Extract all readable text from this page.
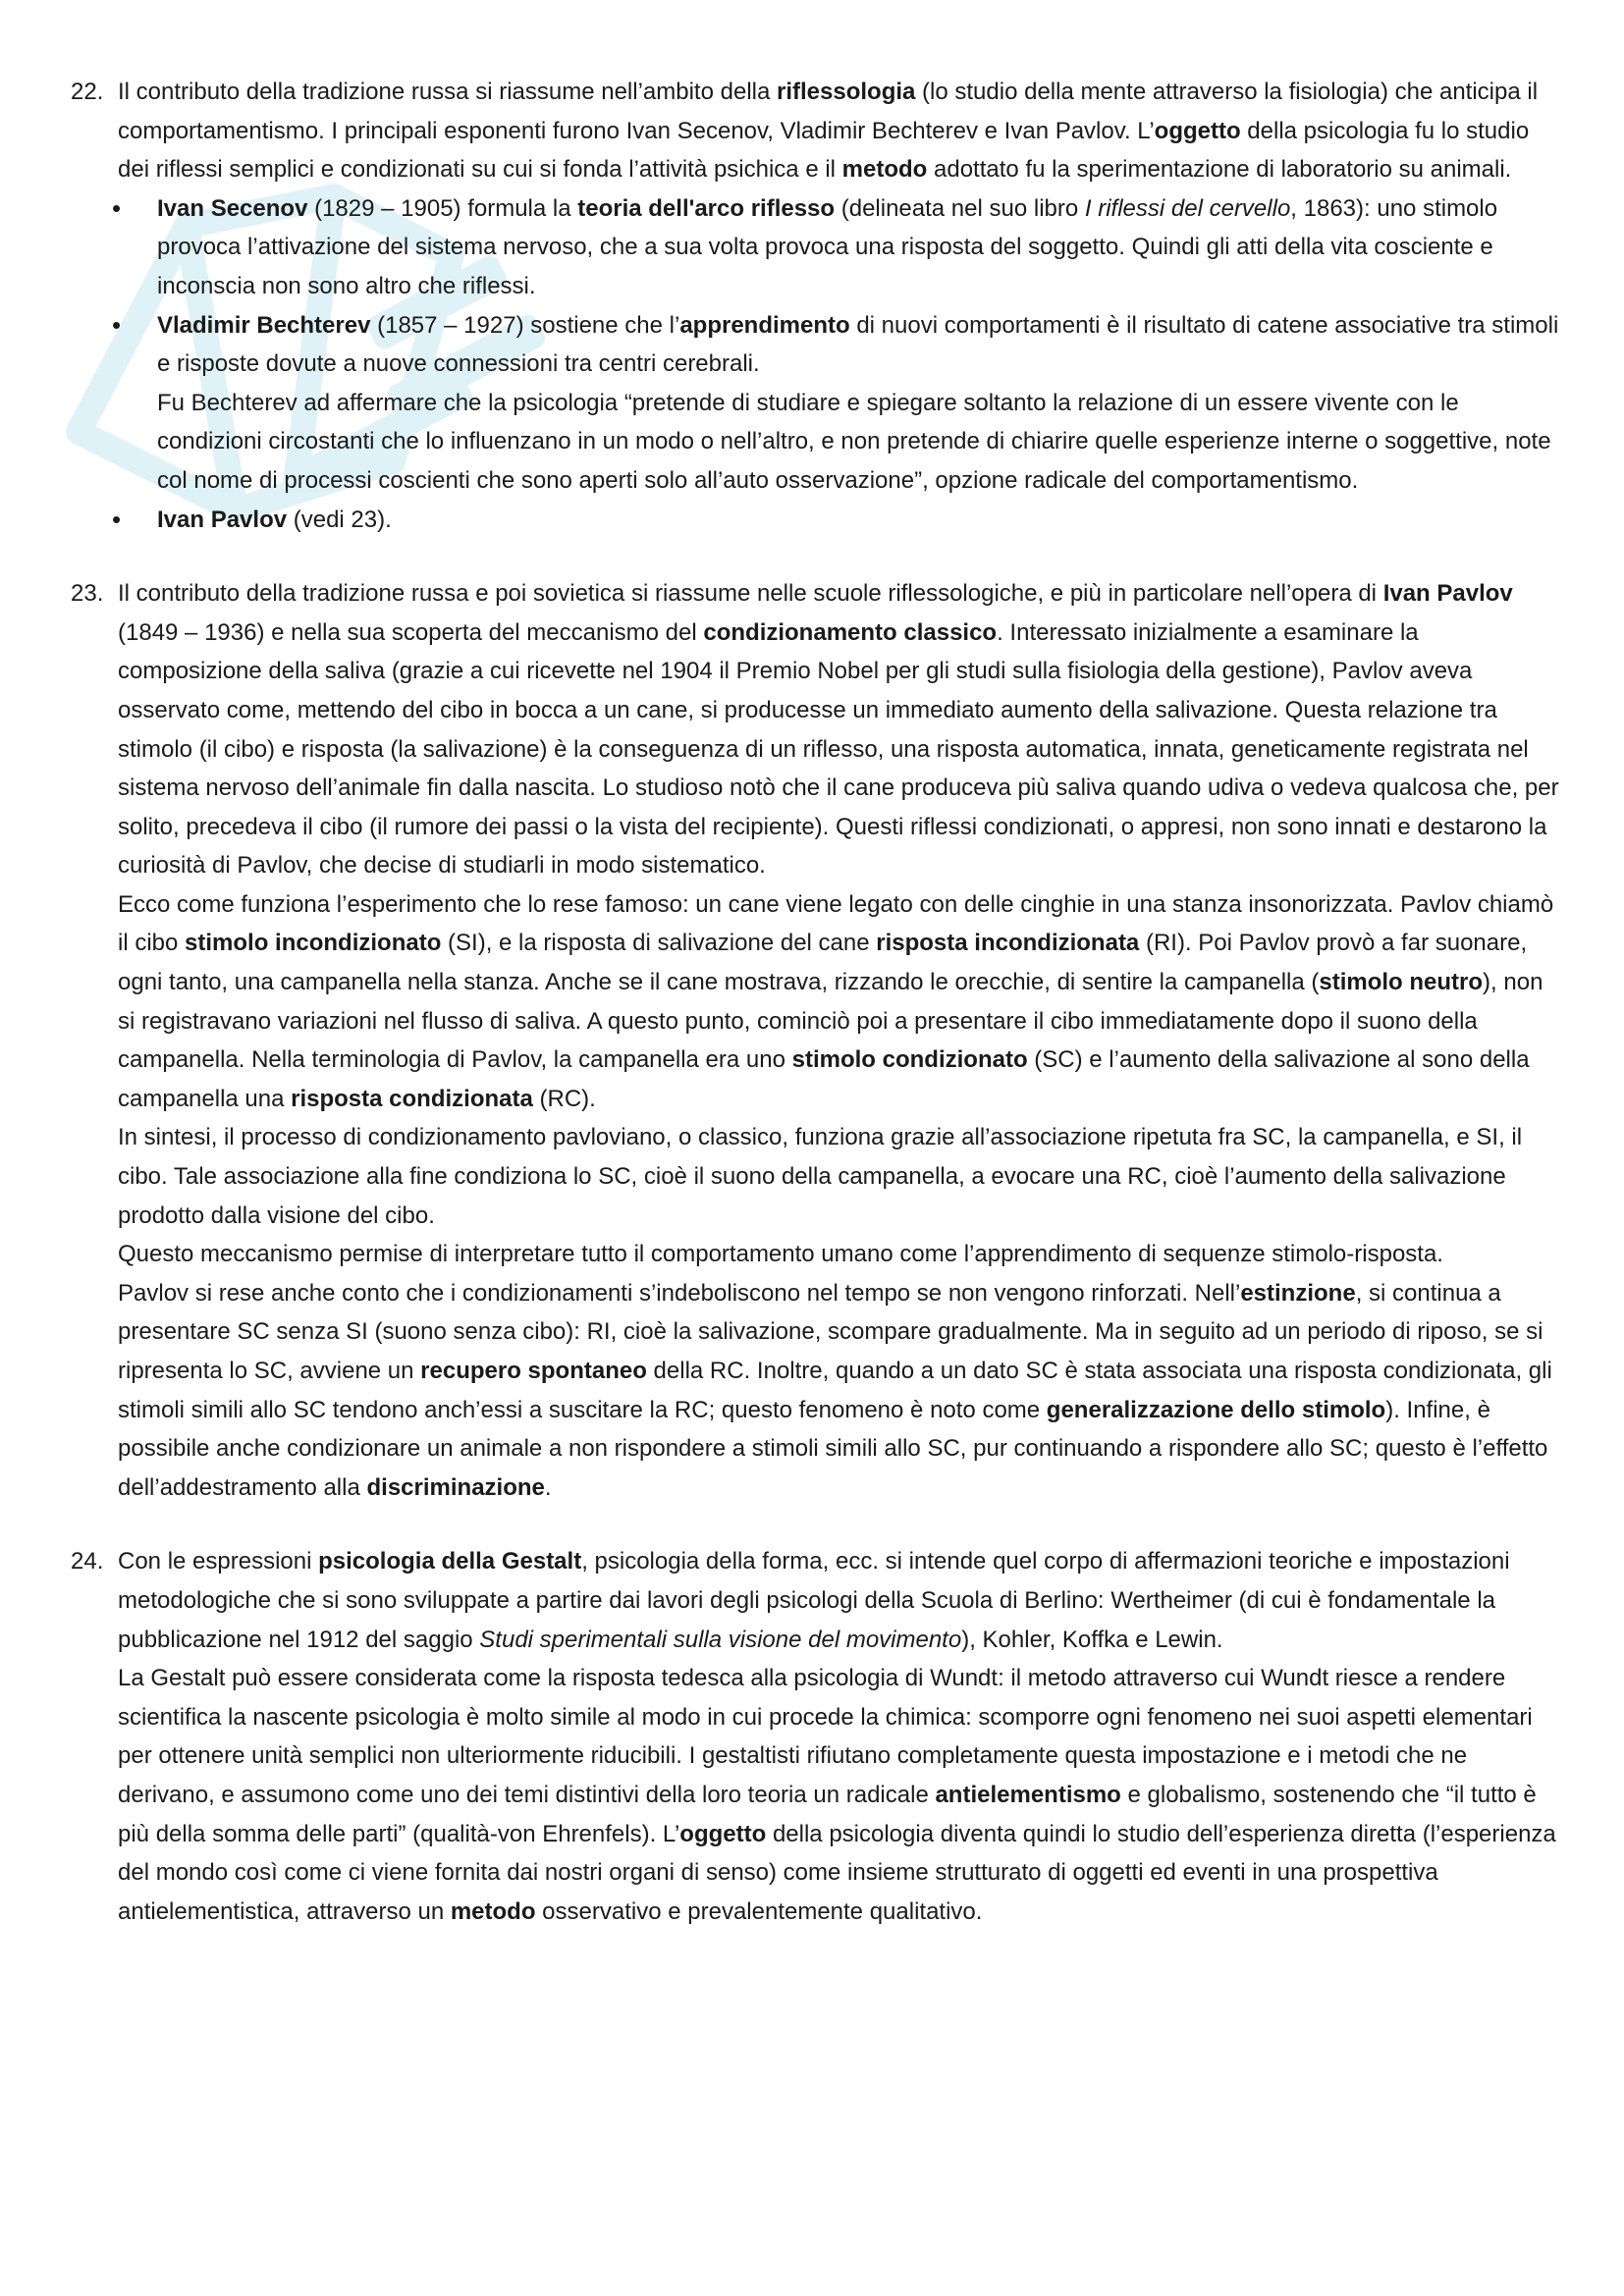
22. Il contributo della tradizione russa si riassume nell’ambito della riflessologia (lo studio della mente attraverso la fisiologia) che anticipa il comportamentismo. I principali esponenti furono Ivan Secenov, Vladimir Bechterev e Ivan Pavlov. L’oggetto della psicologia fu lo studio dei riflessi semplici e condizionati su cui si fonda l’attività psichica e il metodo adottato fu la sperimentazione di laboratorio su animali.

• Ivan Secenov (1829 – 1905) formula la teoria dell'arco riflesso (delineata nel suo libro I riflessi del cervello, 1863): uno stimolo provoca l’attivazione del sistema nervoso, che a sua volta provoca una risposta del soggetto. Quindi gli atti della vita cosciente e inconscia non sono altro che riflessi.
• Vladimir Bechterev (1857 – 1927) sostiene che l’apprendimento di nuovi comportamenti è il risultato di catene associative tra stimoli e risposte dovute a nuove connessioni tra centri cerebrali.
Fu Bechterev ad affermare che la psicologia “pretende di studiare e spiegare soltanto la relazione di un essere vivente con le condizioni circostanti che lo influenzano in un modo o nell’altro, e non pretende di chiarire quelle esperienze interne o soggettive, note col nome di processi coscienti che sono aperti solo all’auto osservazione”, opzione radicale del comportamentismo.
• Ivan Pavlov (vedi 23).
23. Il contributo della tradizione russa e poi sovietica si riassume nelle scuole riflessologiche, e più in particolare nell’opera di Ivan Pavlov (1849 – 1936) e nella sua scoperta del meccanismo del condizionamento classico. Interessato inizialmente a esaminare la composizione della saliva (grazie a cui ricevette nel 1904 il Premio Nobel per gli studi sulla fisiologia della gestione), Pavlov aveva osservato come, mettendo del cibo in bocca a un cane, si producesse un immediato aumento della salivazione. Questa relazione tra stimolo (il cibo) e risposta (la salivazione) è la conseguenza di un riflesso, una risposta automatica, innata, geneticamente registrata nel sistema nervoso dell’animale fin dalla nascita. Lo studioso notò che il cane produceva più saliva quando udiva o vedeva qualcosa che, per solito, precedeva il cibo (il rumore dei passi o la vista del recipiente). Questi riflessi condizionati, o appresi, non sono innati e destarono la curiosità di Pavlov, che decise di studiarli in modo sistematico.

Ecco come funziona l’esperimento che lo rese famoso: un cane viene legato con delle cinghie in una stanza insonorizzata. Pavlov chiamò il cibo stimolo incondizionato (SI), e la risposta di salivazione del cane risposta incondizionata (RI). Poi Pavlov provò a far suonare, ogni tanto, una campanella nella stanza. Anche se il cane mostrava, rizzando le orecchie, di sentire la campanella (stimolo neutro), non si registravano variazioni nel flusso di saliva. A questo punto, cominciò poi a presentare il cibo immediatamente dopo il suono della campanella. Nella terminologia di Pavlov, la campanella era uno stimolo condizionato (SC) e l’aumento della salivazione al sono della campanella una risposta condizionata (RC).

In sintesi, il processo di condizionamento pavloviano, o classico, funziona grazie all’associazione ripetuta fra SC, la campanella, e SI, il cibo. Tale associazione alla fine condiziona lo SC, cioè il suono della campanella, a evocare una RC, cioè l’aumento della salivazione prodotto dalla visione del cibo.

Questo meccanismo permise di interpretare tutto il comportamento umano come l’apprendimento di sequenze stimolo-risposta.

Pavlov si rese anche conto che i condizionamenti s’indeboliscono nel tempo se non vengono rinforzati. Nell’estinzione, si continua a presentare SC senza SI (suono senza cibo): RI, cioè la salivazione, scompare gradualmente. Ma in seguito ad un periodo di riposo, se si ripresenta lo SC, avviene un recupero spontaneo della RC. Inoltre, quando a un dato SC è stata associata una risposta condizionata, gli stimoli simili allo SC tendono anch’essi a suscitare la RC; questo fenomeno è noto come generalizzazione dello stimolo). Infine, è possibile anche condizionare un animale a non rispondere a stimoli simili allo SC, pur continuando a rispondere allo SC; questo è l’effetto dell’addestramento alla discriminazione.

24. Con le espressioni psicologia della Gestalt, psicologia della forma, ecc. si intende quel corpo di affermazioni teoriche e impostazioni metodologiche che si sono sviluppate a partire dai lavori degli psicologi della Scuola di Berlino: Wertheimer (di cui è fondamentale la pubblicazione nel 1912 del saggio Studi sperimentali sulla visione del movimento), Kohler, Koffka e Lewin.

La Gestalt può essere considerata come la risposta tedesca alla psicologia di Wundt: il metodo attraverso cui Wundt riesce a rendere scientifica la nascente psicologia è molto simile al modo in cui procede la chimica: scomporre ogni fenomeno nei suoi aspetti elementari per ottenere unità semplici non ulteriormente riducibili. I gestaltisti rifiutano completamente questa impostazione e i metodi che ne derivano, e assumono come uno dei temi distintivi della loro teoria un radicale antielementismo e globalismo, sostenendo che “il tutto è più della somma delle parti” (qualità-von Ehrenfels). L’oggetto della psicologia diventa quindi lo studio dell’esperienza diretta (l’esperienza del mondo così come ci viene fornita dai nostri organi di senso) come insieme strutturato di oggetti ed eventi in una prospettiva antielementistica, attraverso un metodo osservativo e prevalentemente qualitativo.
